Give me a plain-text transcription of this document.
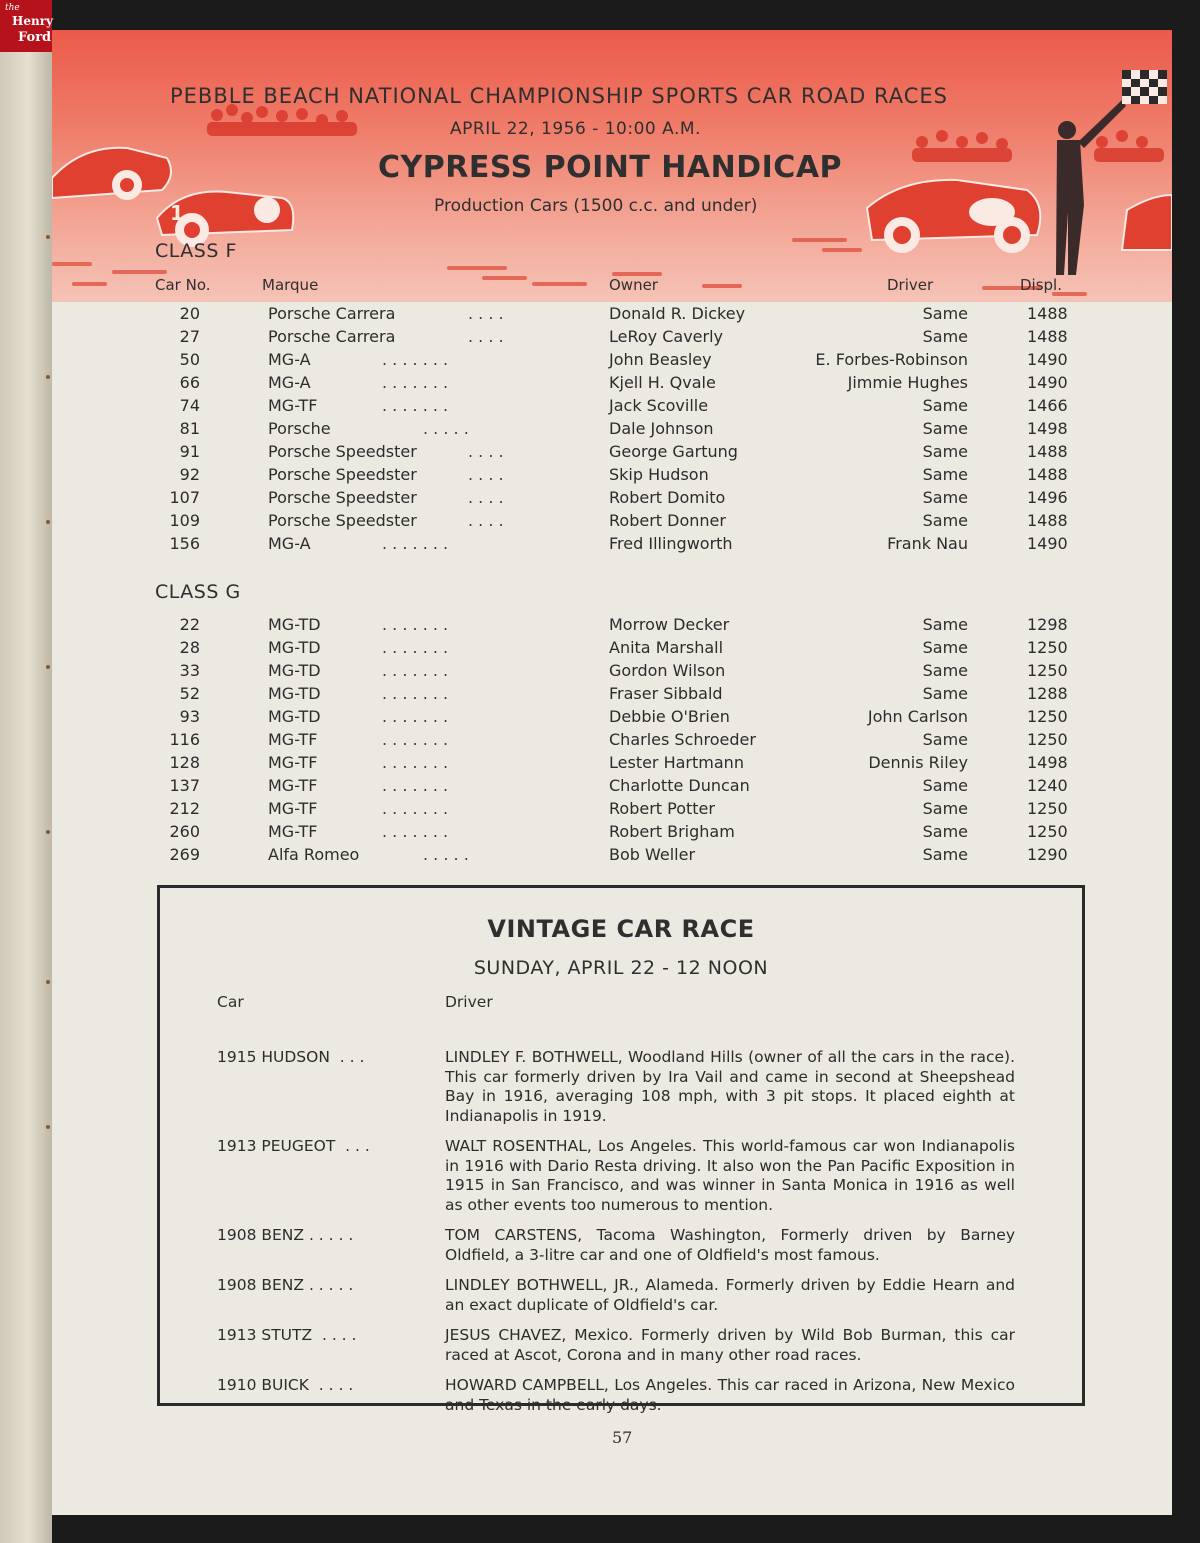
the
Henry
Ford
1
PEBBLE BEACH NATIONAL CHAMPIONSHIP SPORTS CAR ROAD RACES
APRIL 22, 1956 - 10:00 A.M.
CYPRESS POINT HANDICAP
Production Cars (1500 c.c. and under)
CLASS F
Car No.	Marque	Owner	Driver	Displ.
20	Porsche Carrera	Donald R. Dickey	Same	1488
. . . .
27	Porsche Carrera	LeRoy Caverly	Same	1488
. . . .
50	MG-A	John Beasley	E. Forbes-Robinson	1490
. . . . . . .
66	MG-A	Kjell H. Qvale	Jimmie Hughes	1490
. . . . . . .
74	MG-TF	Jack Scoville	Same	1466
. . . . . . .
81	Porsche	Dale Johnson	Same	1498
. . . . .
91	Porsche Speedster	George Gartung	Same	1488
. . . .
92	Porsche Speedster	Skip Hudson	Same	1488
. . . .
107	Porsche Speedster	Robert Domito	Same	1496
. . . .
109	Porsche Speedster	Robert Donner	Same	1488
. . . .
156	MG-A	Fred Illingworth	Frank Nau	1490
. . . . . . .
CLASS G
22	MG-TD	Morrow Decker	Same	1298
. . . . . . .
28	MG-TD	Anita Marshall	Same	1250
. . . . . . .
33	MG-TD	Gordon Wilson	Same	1250
. . . . . . .
52	MG-TD	Fraser Sibbald	Same	1288
. . . . . . .
93	MG-TD	Debbie O'Brien	John Carlson	1250
. . . . . . .
116	MG-TF	Charles Schroeder	Same	1250
. . . . . . .
128	MG-TF	Lester Hartmann	Dennis Riley	1498
. . . . . . .
137	MG-TF	Charlotte Duncan	Same	1240
. . . . . . .
212	MG-TF	Robert Potter	Same	1250
. . . . . . .
260	MG-TF	Robert Brigham	Same	1250
. . . . . . .
269	Alfa Romeo	Bob Weller	Same	1290
. . . . .
VINTAGE CAR RACE
SUNDAY, APRIL 22 - 12 NOON
Car	Driver
1915 HUDSON  . . .	LINDLEY F. BOTHWELL, Woodland Hills (owner of all the cars in the race). This car formerly driven by Ira Vail and came in second at Sheepshead Bay in 1916, averaging 108 mph, with 3 pit stops. It placed eighth at Indianapolis in 1919.
1913 PEUGEOT  . . .	WALT ROSENTHAL, Los Angeles. This world-famous car won Indianapolis in 1916 with Dario Resta driving. It also won the Pan Pacific Exposition in 1915 in San Francisco, and was winner in Santa Monica in 1916 as well as other events too numerous to mention.
1908 BENZ . . . . .	TOM CARSTENS, Tacoma Washington, Formerly driven by Barney Oldfield, a 3-litre car and one of Oldfield's most famous.
1908 BENZ . . . . .	LINDLEY BOTHWELL, JR., Alameda. Formerly driven by Eddie Hearn and an exact duplicate of Oldfield's car.
1913 STUTZ  . . . .	JESUS CHAVEZ, Mexico. Formerly driven by Wild Bob Burman, this car raced at Ascot, Corona and in many other road races.
1910 BUICK  . . . .	HOWARD CAMPBELL, Los Angeles. This car raced in Arizona, New Mexico and Texas in the early days.
57
